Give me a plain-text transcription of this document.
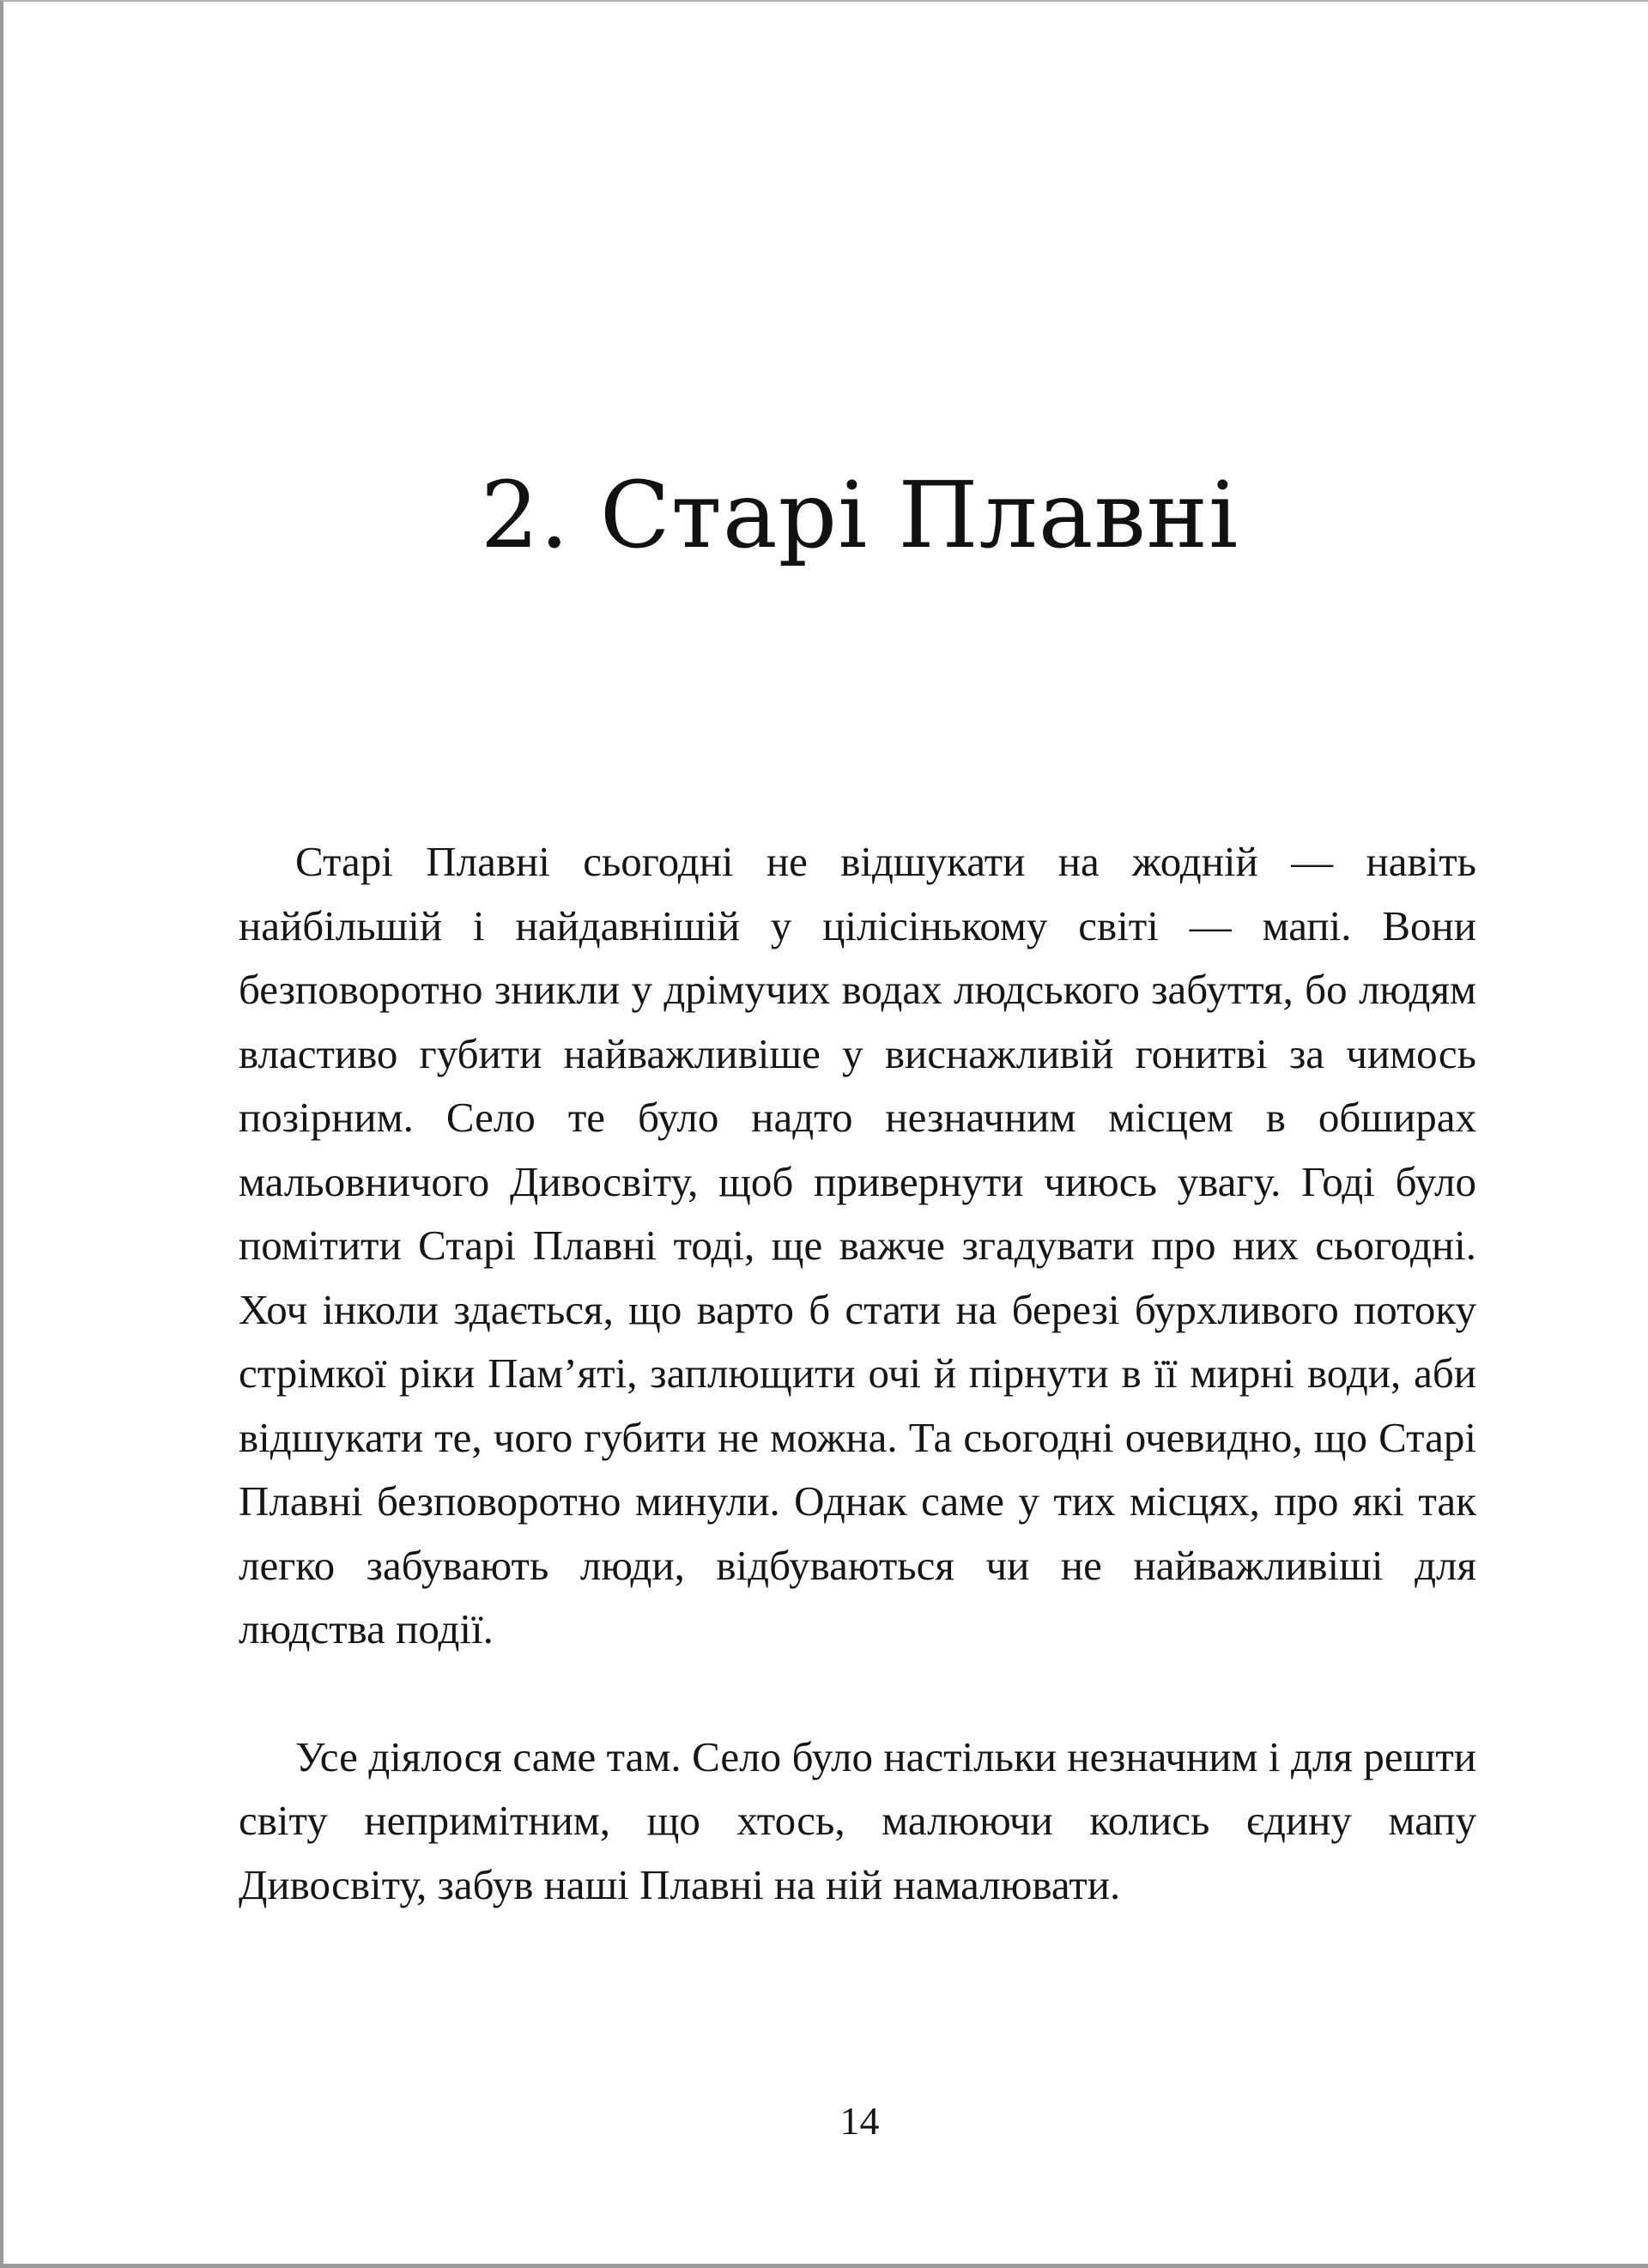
2. Старі Плавні

Старі Плавні сьогодні не відшукати на жодній — навіть найбільшій і найдавнішій у цілісінькому світі — мапі. Вони безповоротно зникли у дрімучих водах людського забуття, бо людям властиво губити найважливіше у виснажливій гонитві за чимось позірним. Село те було надто незначним місцем в обширах мальовничого Дивосвіту, щоб привернути чиюсь увагу. Годі було помітити Старі Плавні тоді, ще важче згадувати про них сьогодні. Хоч інколи здається, що варто б стати на березі бурхливого потоку стрімкої ріки Пам’яті, заплющити очі й пірнути в її мирні води, аби відшукати те, чого губити не можна. Та сьогодні очевидно, що Старі Плавні безповоротно минули. Однак саме у тих місцях, про які так легко забувають люди, відбуваються чи не найважливіші для людства події.

Усе діялося саме там. Село було настільки незначним і для решти світу непримітним, що хтось, малюючи колись єдину мапу Дивосвіту, забув наші Плавні на ній намалювати.

14
